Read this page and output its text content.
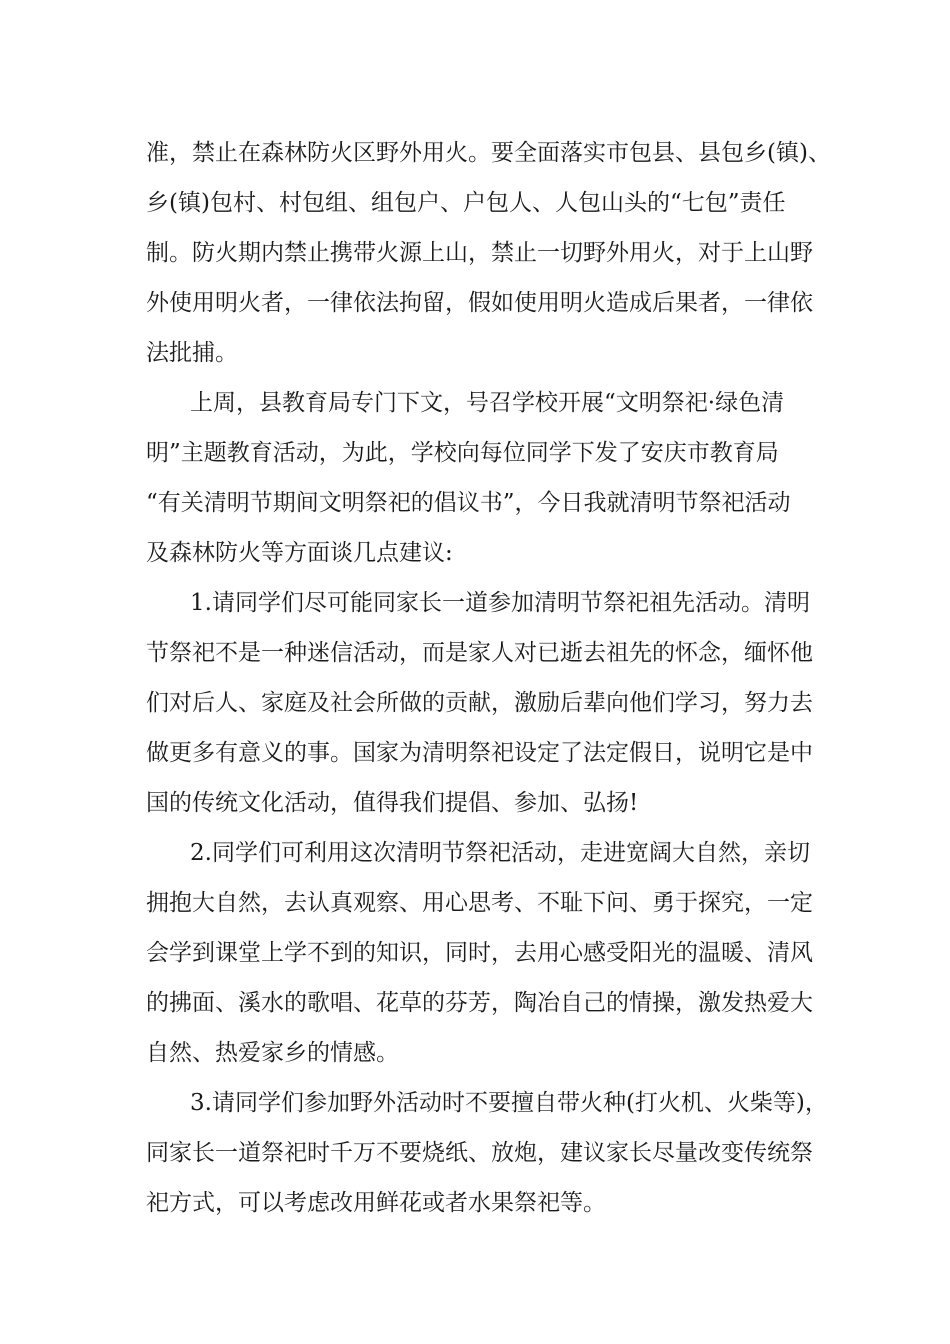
准，禁止在森林防火区野外用火。要全面落实市包县、县包乡(镇)、
乡(镇)包村、村包组、组包户、户包人、人包山头的“七包”责任
制。防火期内禁止携带火源上山，禁止一切野外用火，对于上山野
外使用明火者，一律依法拘留，假如使用明火造成后果者，一律依
法批捕。
上周，县教育局专门下文，号召学校开展“文明祭祀·绿色清
明”主题教育活动，为此，学校向每位同学下发了安庆市教育局
“有关清明节期间文明祭祀的倡议书”，今日我就清明节祭祀活动
及森林防火等方面谈几点建议:
1.请同学们尽可能同家长一道参加清明节祭祀祖先活动。清明
节祭祀不是一种迷信活动，而是家人对已逝去祖先的怀念，缅怀他
们对后人、家庭及社会所做的贡献，激励后辈向他们学习，努力去
做更多有意义的事。国家为清明祭祀设定了法定假日，说明它是中
国的传统文化活动，值得我们提倡、参加、弘扬!
2.同学们可利用这次清明节祭祀活动，走进宽阔大自然，亲切
拥抱大自然，去认真观察、用心思考、不耻下问、勇于探究，一定
会学到课堂上学不到的知识，同时，去用心感受阳光的温暖、清风
的拂面、溪水的歌唱、花草的芬芳，陶冶自己的情操，激发热爱大
自然、热爱家乡的情感。
3.请同学们参加野外活动时不要擅自带火种(打火机、火柴等)，
同家长一道祭祀时千万不要烧纸、放炮，建议家长尽量改变传统祭
祀方式，可以考虑改用鲜花或者水果祭祀等。
